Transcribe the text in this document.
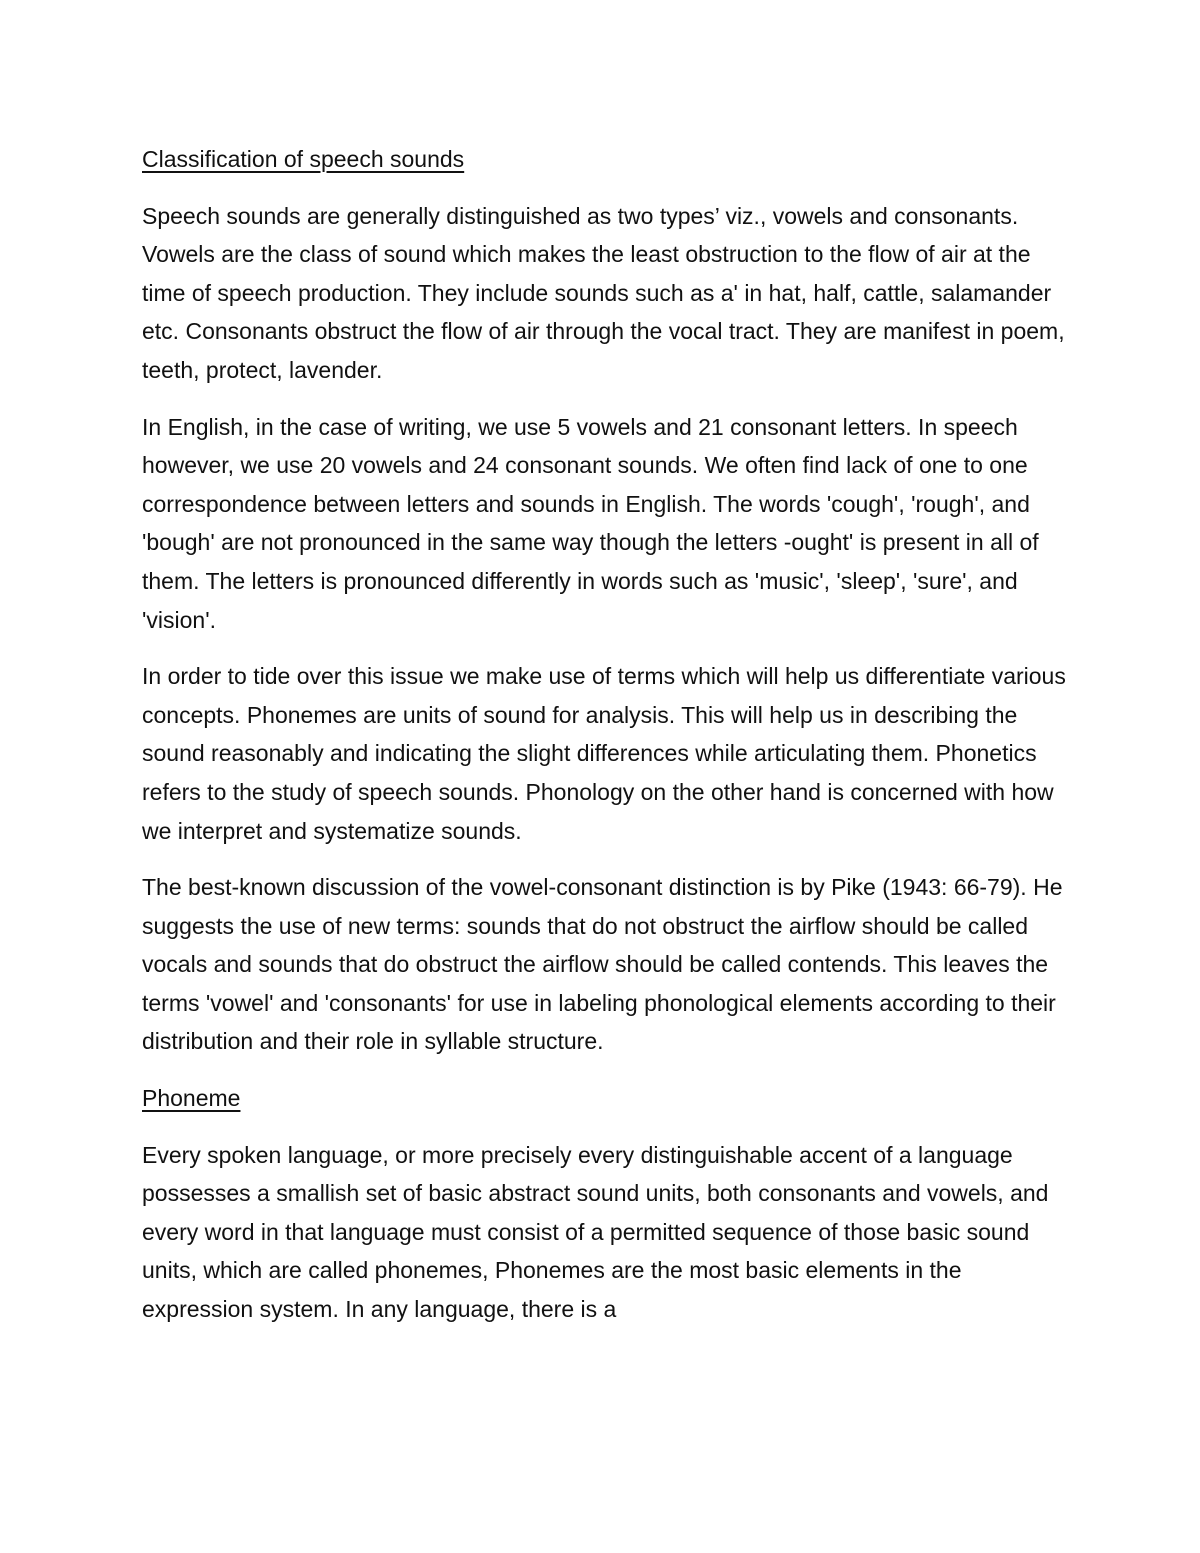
Classification of speech sounds

Speech sounds are generally distinguished as two types’ viz., vowels and consonants. Vowels are the class of sound which makes the least obstruction to the flow of air at the time of speech production. They include sounds such as a' in hat, half, cattle, salamander etc. Consonants obstruct the flow of air through the vocal tract. They are manifest in poem, teeth, protect, lavender.

In English, in the case of writing, we use 5 vowels and 21 consonant letters. In speech however, we use 20 vowels and 24 consonant sounds. We often find lack of one to one correspondence between letters and sounds in English. The words 'cough', 'rough', and 'bough' are not pronounced in the same way though the letters -ought' is present in all of them. The letters is pronounced differently in words such as 'music', 'sleep', 'sure', and 'vision'.

In order to tide over this issue we make use of terms which will help us differentiate various concepts. Phonemes are units of sound for analysis. This will help us in describing the sound reasonably and indicating the slight differences while articulating them. Phonetics refers to the study of speech sounds. Phonology on the other hand is concerned with how we interpret and systematize sounds.

The best-known discussion of the vowel-consonant distinction is by Pike (1943: 66-79). He suggests the use of new terms: sounds that do not obstruct the airflow should be called vocals and sounds that do obstruct the airflow should be called contends. This leaves the terms 'vowel' and 'consonants' for use in labeling phonological elements according to their distribution and their role in syllable structure.

Phoneme

Every spoken language, or more precisely every distinguishable accent of a language possesses a smallish set of basic abstract sound units, both consonants and vowels, and every word in that language must consist of a permitted sequence of those basic sound units, which are called phonemes, Phonemes are the most basic elements in the expression system. In any language, there is a
